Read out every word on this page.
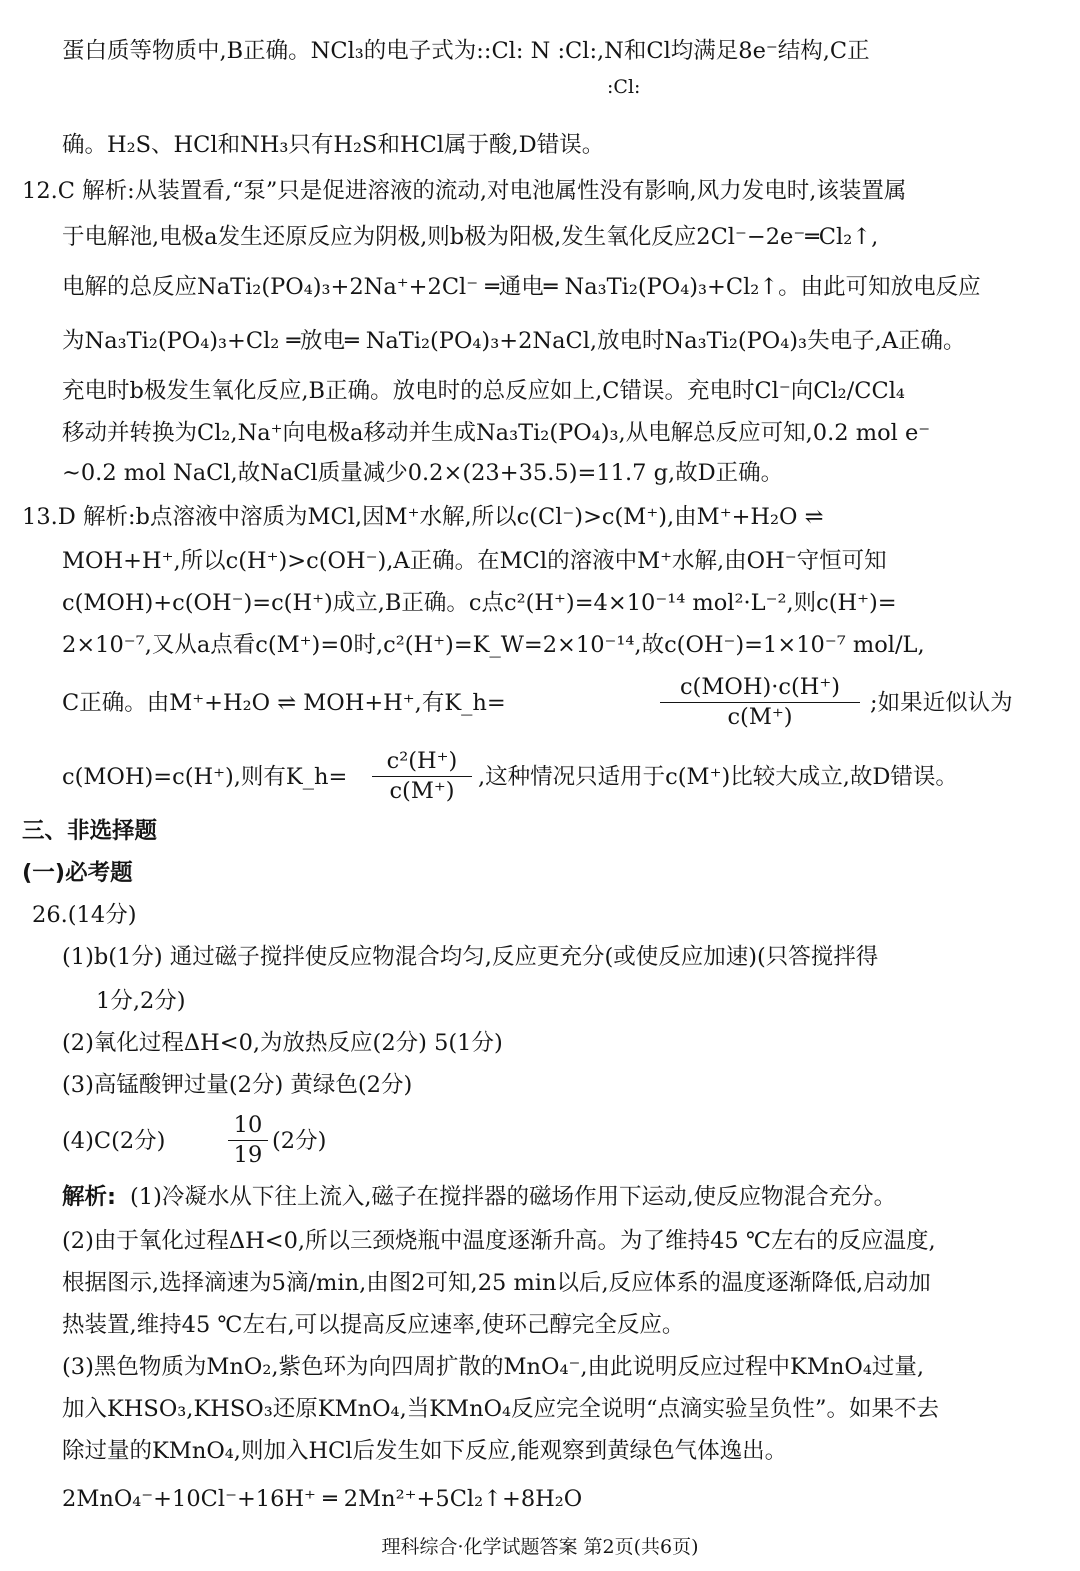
蛋白质等物质中,B正确。NCl₃的电子式为::Cl: N :Cl:,N和Cl均满足8e⁻结构,C正
:Cl:
确。H₂S、HCl和NH₃只有H₂S和HCl属于酸,D错误。
12.C 解析:从装置看,“泵”只是促进溶液的流动,对电池属性没有影响,风力发电时,该装置属
于电解池,电极a发生还原反应为阴极,则b极为阳极,发生氧化反应2Cl⁻−2e⁻═Cl₂↑,
电解的总反应NaTi₂(PO₄)₃+2Na⁺+2Cl⁻ ═通电═ Na₃Ti₂(PO₄)₃+Cl₂↑。由此可知放电反应
为Na₃Ti₂(PO₄)₃+Cl₂ ═放电═ NaTi₂(PO₄)₃+2NaCl,放电时Na₃Ti₂(PO₄)₃失电子,A正确。
充电时b极发生氧化反应,B正确。放电时的总反应如上,C错误。充电时Cl⁻向Cl₂/CCl₄
移动并转换为Cl₂,Na⁺向电极a移动并生成Na₃Ti₂(PO₄)₃,从电解总反应可知,0.2 mol e⁻
~0.2 mol NaCl,故NaCl质量减少0.2×(23+35.5)=11.7 g,故D正确。
13.D 解析:b点溶液中溶质为MCl,因M⁺水解,所以c(Cl⁻)>c(M⁺),由M⁺+H₂O ⇌
MOH+H⁺,所以c(H⁺)>c(OH⁻),A正确。在MCl的溶液中M⁺水解,由OH⁻守恒可知
c(MOH)+c(OH⁻)=c(H⁺)成立,B正确。c点c²(H⁺)=4×10⁻¹⁴ mol²·L⁻²,则c(H⁺)=
2×10⁻⁷,又从a点看c(M⁺)=0时,c²(H⁺)=K_W=2×10⁻¹⁴,故c(OH⁻)=1×10⁻⁷ mol/L,
C正确。由M⁺+H₂O ⇌ MOH+H⁺,有K_h=
c(MOH)·c(H⁺)
c(M⁺)
;如果近似认为
c(MOH)=c(H⁺),则有K_h=
c²(H⁺)
c(M⁺)
,这种情况只适用于c(M⁺)比较大成立,故D错误。
三、非选择题
(一)必考题
26.(14分)
(1)b(1分) 通过磁子搅拌使反应物混合均匀,反应更充分(或使反应加速)(只答搅拌得
1分,2分)
(2)氧化过程ΔH<0,为放热反应(2分) 5(1分)
(3)高锰酸钾过量(2分) 黄绿色(2分)
(4)C(2分)
10
19
(2分)
解析: (1)冷凝水从下往上流入,磁子在搅拌器的磁场作用下运动,使反应物混合充分。
(2)由于氧化过程ΔH<0,所以三颈烧瓶中温度逐渐升高。为了维持45 ℃左右的反应温度,
根据图示,选择滴速为5滴/min,由图2可知,25 min以后,反应体系的温度逐渐降低,启动加
热装置,维持45 ℃左右,可以提高反应速率,使环己醇完全反应。
(3)黑色物质为MnO₂,紫色环为向四周扩散的MnO₄⁻,由此说明反应过程中KMnO₄过量,
加入KHSO₃,KHSO₃还原KMnO₄,当KMnO₄反应完全说明“点滴实验呈负性”。如果不去
除过量的KMnO₄,则加入HCl后发生如下反应,能观察到黄绿色气体逸出。
2MnO₄⁻+10Cl⁻+16H⁺ ═ 2Mn²⁺+5Cl₂↑+8H₂O
理科综合·化学试题答案 第2页(共6页)
